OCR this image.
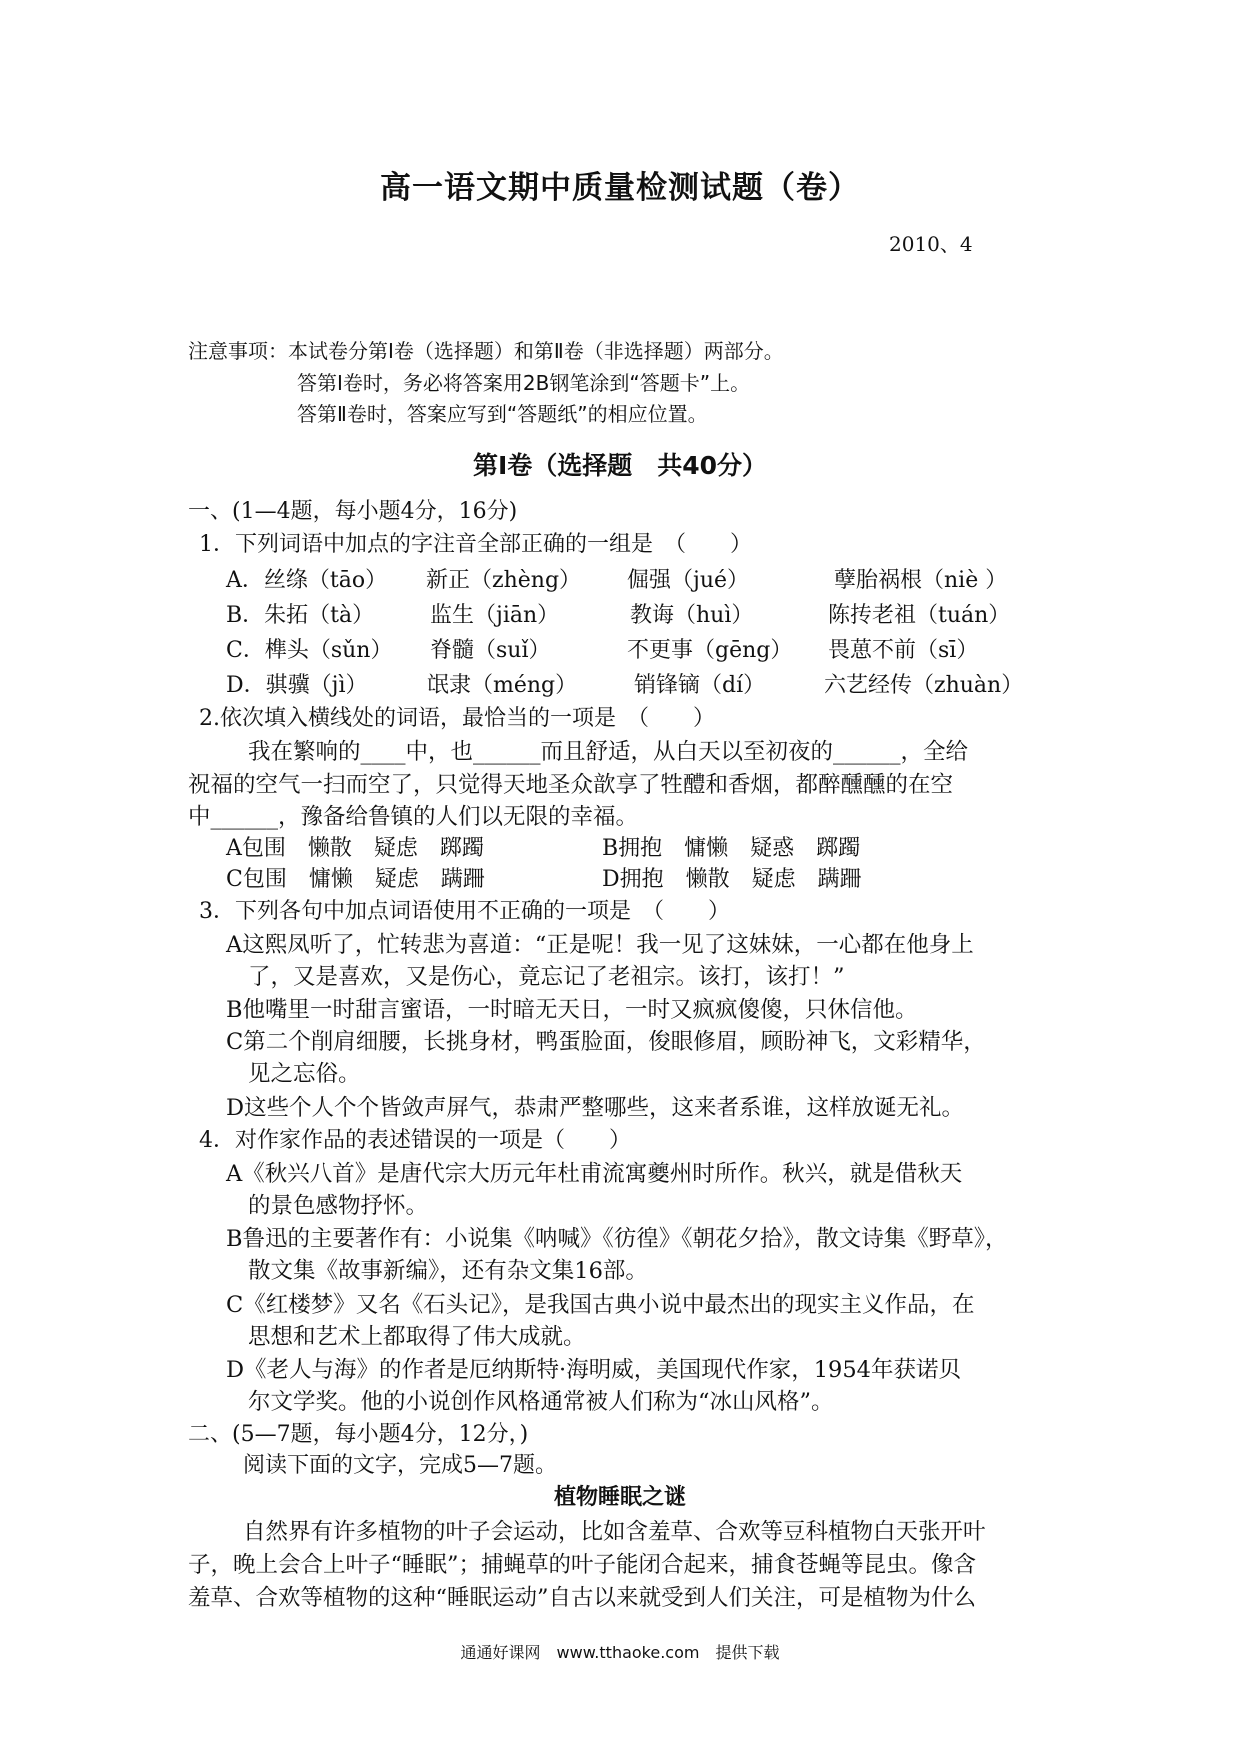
高一语文期中质量检测试题（卷）
2010、4
注意事项：本试卷分第Ⅰ卷（选择题）和第Ⅱ卷（非选择题）两部分。
答第Ⅰ卷时，务必将答案用2B钢笔涂到“答题卡”上。
答第Ⅱ卷时，答案应写到“答题纸”的相应位置。
第Ⅰ卷（选择题　共40分）
一、(1—4题，每小题4分，16分)
1．下列词语中加点的字注音全部正确的一组是　（　　）
A．丝绦（tāo） 新正（zhèng） 倔强（jué）	孽胎祸根（niè ）
B．朱拓（tà）	监生（jiān）	教诲（huì）	陈抟老祖（tuán）
C．榫头（sǔn） 脊髓（suǐ）	不更事（gēng） 畏葸不前（sī）
D．骐骥（jì）	氓隶（méng）	销锋镝（dí）	六艺经传（zhuàn）
2.依次填入横线处的词语，最恰当的一项是　（　　）
我在繁响的____中，也______而且舒适，从白天以至初夜的______，全给
祝福的空气一扫而空了，只觉得天地圣众歆享了牲醴和香烟，都醉醺醺的在空
中______，豫备给鲁镇的人们以无限的幸福。
A包围　懒散　疑虑　踯躅	B拥抱　慵懒　疑惑　踯躅
C包围　慵懒　疑虑　蹒跚	D拥抱　懒散　疑虑　蹒跚
3．下列各句中加点词语使用不正确的一项是　（　　）
A这熙凤听了，忙转悲为喜道：“正是呢！我一见了这妹妹，一心都在他身上
了，又是喜欢，又是伤心，竟忘记了老祖宗。该打，该打！”
B他嘴里一时甜言蜜语，一时暗无天日，一时又疯疯傻傻，只休信他。
C第二个削肩细腰，长挑身材，鸭蛋脸面，俊眼修眉，顾盼神飞，文彩精华，
见之忘俗。
D这些个人个个皆敛声屏气，恭肃严整哪些，这来者系谁，这样放诞无礼。
4．对作家作品的表述错误的一项是（　　）
A《秋兴八首》是唐代宗大历元年杜甫流寓夔州时所作。秋兴，就是借秋天
的景色感物抒怀。
B鲁迅的主要著作有：小说集《呐喊》《彷徨》《朝花夕拾》，散文诗集《野草》，
散文集《故事新编》，还有杂文集16部。
C《红楼梦》又名《石头记》，是我国古典小说中最杰出的现实主义作品，在
思想和艺术上都取得了伟大成就。
D《老人与海》的作者是厄纳斯特·海明威，美国现代作家，1954年获诺贝
尔文学奖。他的小说创作风格通常被人们称为“冰山风格”。
二、(5—7题，每小题4分，12分，)
阅读下面的文字，完成5—7题。
植物睡眠之谜
自然界有许多植物的叶子会运动，比如含羞草、合欢等豆科植物白天张开叶
子，晚上会合上叶子“睡眠”；捕蝇草的叶子能闭合起来，捕食苍蝇等昆虫。像含
羞草、合欢等植物的这种“睡眠运动”自古以来就受到人们关注，可是植物为什么
通通好课网　www.tthaoke.com　提供下载
